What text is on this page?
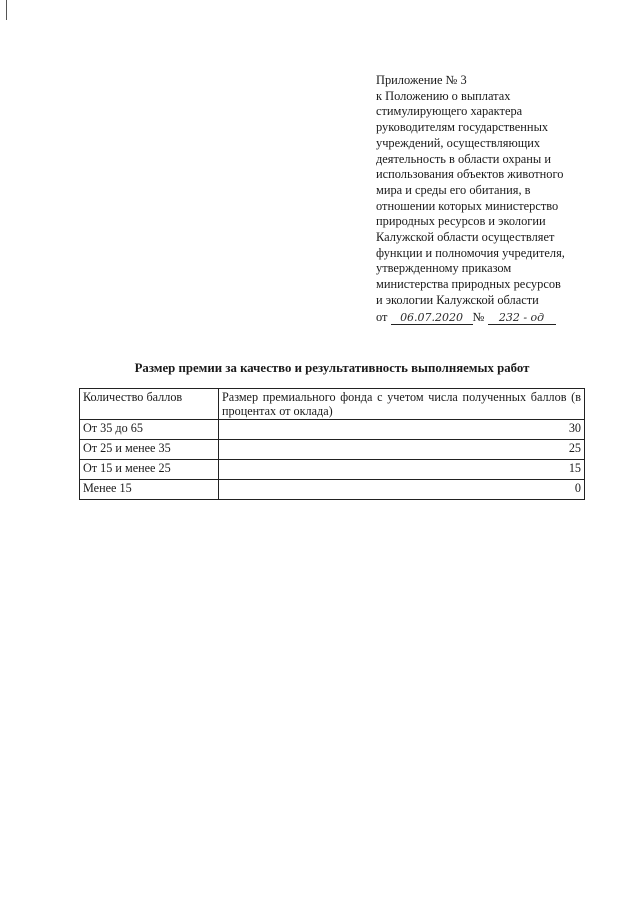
Приложение № 3
к Положению о выплатах
стимулирующего характера
руководителям государственных
учреждений, осуществляющих
деятельность в области охраны и
использования объектов животного
мира и среды его обитания, в
отношении которых министерство
природных ресурсов и экологии
Калужской области осуществляет
функции и полномочия учредителя,
утвержденному приказом
министерства природных ресурсов
и экологии Калужской области
от 06.07.2020 № 232 - од
Размер премии за качество и результативность выполняемых работ
Количество баллов	Размер премиального фонда с учетом числа полученных баллов (в процентах от оклада)
От 35 до 65	30
От 25 и менее 35	25
От 15 и менее 25	15
Менее 15	0
